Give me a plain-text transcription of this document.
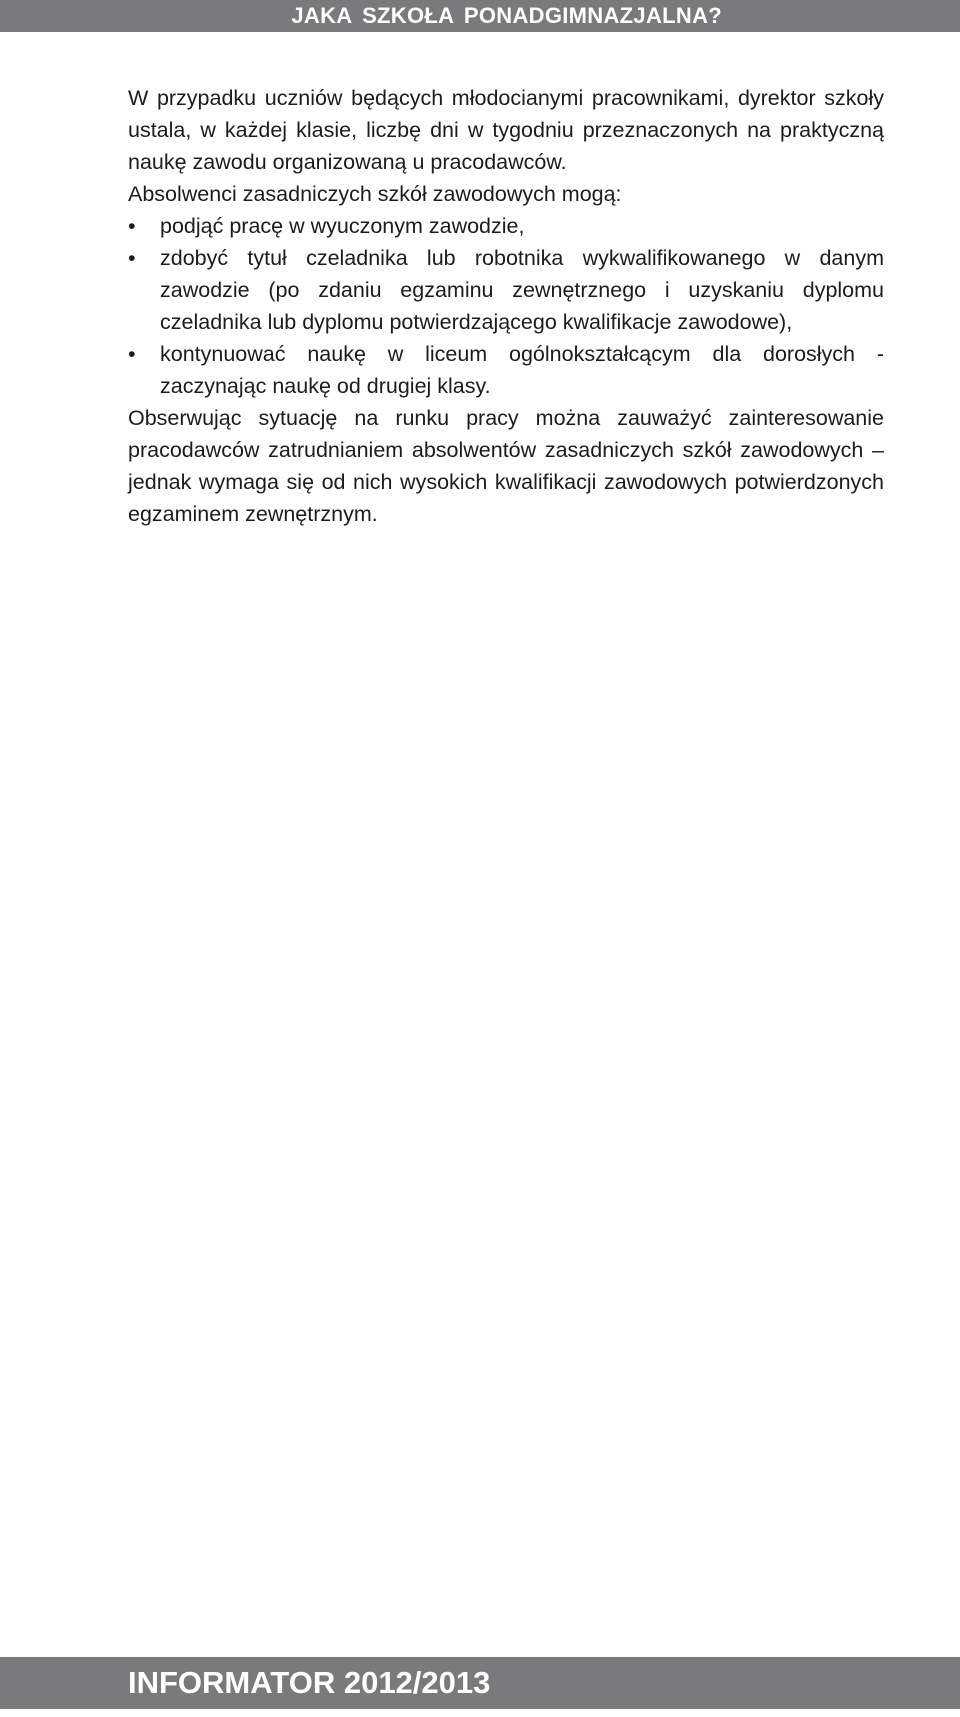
JAKA SZKOŁA PONADGIMNAZJALNA?

W przypadku uczniów będących młodocianymi pracownikami, dyrektor szkoły ustala, w każdej klasie, liczbę dni w tygodniu przeznaczonych na praktyczną naukę zawodu organizowaną u pracodawców.

Absolwenci zasadniczych szkół zawodowych mogą:

•	podjąć pracę w wyuczonym zawodzie,
•	zdobyć tytuł czeladnika lub robotnika wykwalifikowanego w danym zawodzie (po zdaniu egzaminu zewnętrznego i uzyskaniu dyplomu czeladnika lub dyplomu potwierdzającego kwalifikacje zawodowe),
•	kontynuować naukę w liceum ogólnokształcącym dla dorosłych - zaczynając naukę od drugiej klasy.

Obserwując sytuację na runku pracy można zauważyć zainteresowanie pracodawców zatrudnianiem absolwentów zasadniczych szkół zawodowych – jednak wymaga się od nich wysokich kwalifikacji zawodowych potwierdzonych egzaminem zewnętrznym.

INFORMATOR 2012/2013
